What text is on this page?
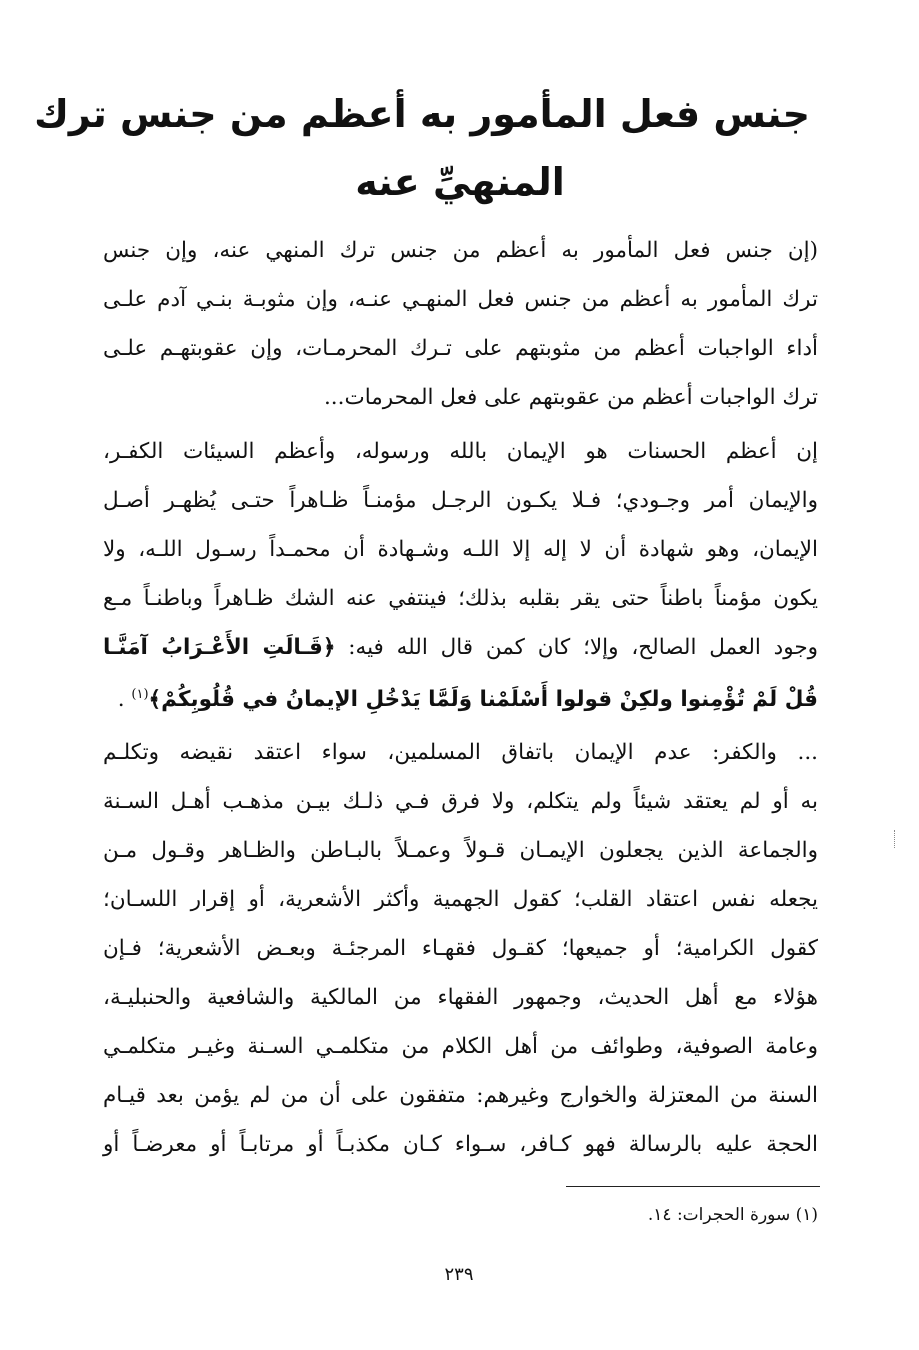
جنس فعل المأمور به أعظم من جنس ترك
المنهيِّ عنه
(إن جنس فعل المأمور به أعظم من جنس ترك المنهي عنه، وإن جنس
ترك المأمور به أعظم من جنس فعل المنهـي عنـه، وإن مثوبـة بنـي آدم علـى
أداء الواجبات أعظم من مثوبتهم على تـرك المحرمـات، وإن عقوبتهـم علـى
ترك الواجبات أعظم من عقوبتهم على فعل المحرمات...
إن أعظم الحسنات هو الإيمان بالله ورسوله، وأعظم السيئات الكفـر،
والإيمان أمر وجـودي؛ فـلا يكـون الرجـل مؤمنـاً ظـاهراً حتـى يُظهـر أصـل
الإيمان، وهو شهادة أن لا إله إلا اللـه وشـهادة أن محمـداً رسـول اللـه، ولا
يكون مؤمناً باطناً حتى يقر بقلبه بذلك؛ فينتفي عنه الشك ظـاهراً وباطنـاً مـع
وجود العمل الصالح، وإلا؛ كان كمن قال الله فيه: ﴿قَـالَتِ الأَعْـرَابُ آمَنَّـا
قُلْ لَمْ تُؤْمِنوا ولكِنْ قولوا أَسْلَمْنا وَلَمَّا يَدْخُلِ الإيمانُ في قُلُوبِكُمْ﴾$^{(١)}$ .
... والكفر: عدم الإيمان باتفاق المسلمين، سواء اعتقد نقيضه وتكلـم
به أو لم يعتقد شيئاً ولم يتكلم، ولا فرق فـي ذلـك بيـن مذهـب أهـل السـنة
والجماعة الذين يجعلون الإيمـان قـولاً وعمـلاً بالبـاطن والظـاهر وقـول مـن
يجعله نفس اعتقاد القلب؛ كقول الجهمية وأكثر الأشعرية، أو إقرار اللسـان؛
كقول الكرامية؛ أو جميعها؛ كقـول فقهـاء المرجئـة وبعـض الأشعرية؛ فـإن
هؤلاء مع أهل الحديث، وجمهور الفقهاء من المالكية والشافعية والحنبليـة،
وعامة الصوفية، وطوائف من أهل الكلام من متكلمـي السـنة وغيـر متكلمـي
السنة من المعتزلة والخوارج وغيرهم: متفقون على أن من لم يؤمن بعد قيـام
الحجة عليه بالرسالة فهو كـافر، سـواء كـان مكذبـاً أو مرتابـاً أو معرضـاً أو
(١) سورة الحجرات: ١٤.
٢٣٩
